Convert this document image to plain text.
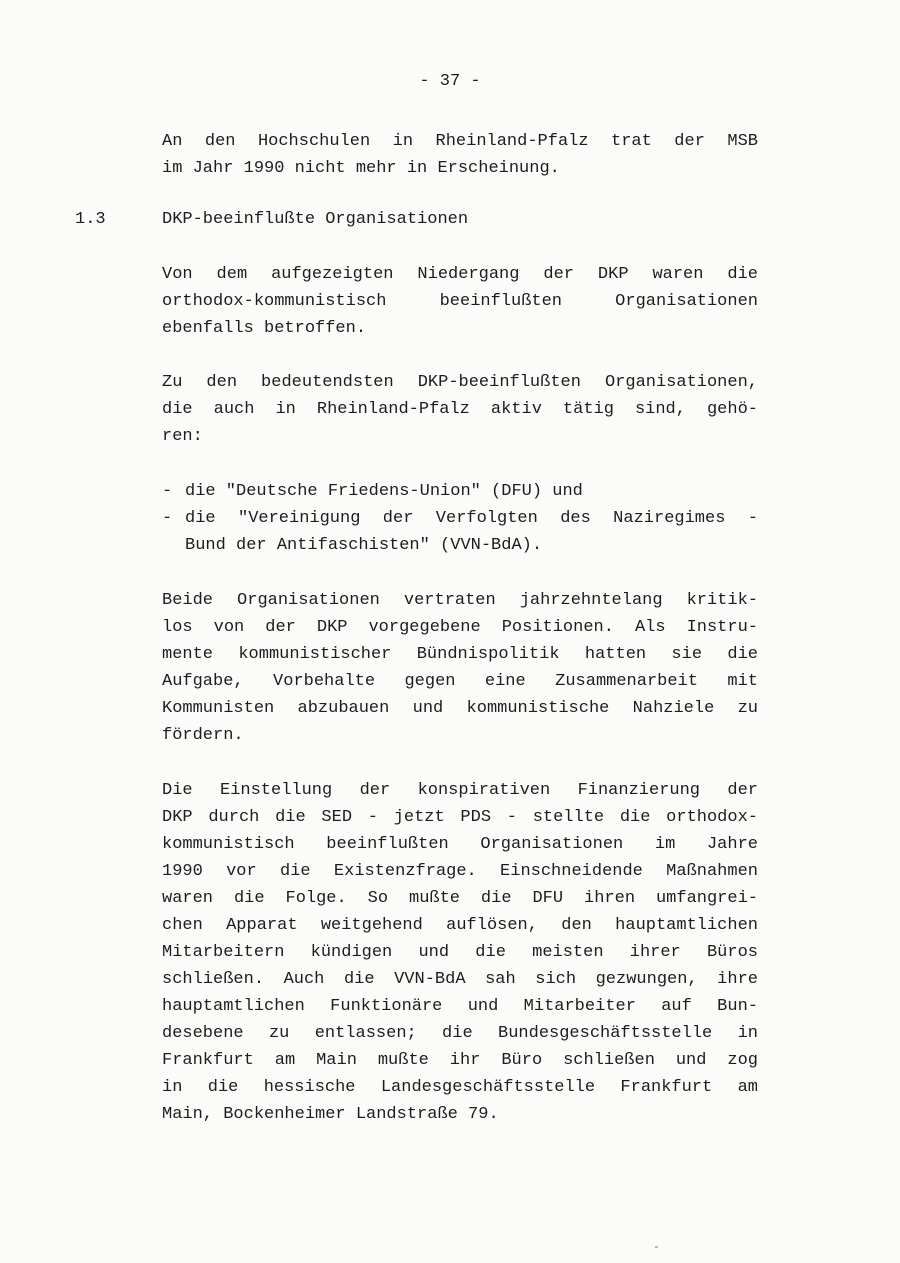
- 37 -
An den Hochschulen in Rheinland-Pfalz trat der MSB
im Jahr 1990 nicht mehr in Erscheinung.
1.3	DKP-beeinflußte Organisationen
Von dem aufgezeigten Niedergang der DKP waren die
orthodox-kommunistisch beeinflußten Organisationen
ebenfalls betroffen.
Zu den bedeutendsten DKP-beeinflußten Organisationen,
die auch in Rheinland-Pfalz aktiv tätig sind, gehö-
ren:
- die "Deutsche Friedens-Union" (DFU) und
- die "Vereinigung der Verfolgten des Naziregimes -
Bund der Antifaschisten" (VVN-BdA).
Beide Organisationen vertraten jahrzehntelang kritik-
los von der DKP vorgegebene Positionen. Als Instru-
mente kommunistischer Bündnispolitik hatten sie die
Aufgabe, Vorbehalte gegen eine Zusammenarbeit mit
Kommunisten abzubauen und kommunistische Nahziele zu
fördern.
Die Einstellung der konspirativen Finanzierung der
DKP durch die SED - jetzt PDS - stellte die orthodox-
kommunistisch beeinflußten Organisationen im Jahre
1990 vor die Existenzfrage. Einschneidende Maßnahmen
waren die Folge. So mußte die DFU ihren umfangrei-
chen Apparat weitgehend auflösen, den hauptamtlichen
Mitarbeitern kündigen und die meisten ihrer Büros
schließen. Auch die VVN-BdA sah sich gezwungen, ihre
hauptamtlichen Funktionäre und Mitarbeiter auf Bun-
desebene zu entlassen; die Bundesgeschäftsstelle in
Frankfurt am Main mußte ihr Büro schließen und zog
in die hessische Landesgeschäftsstelle Frankfurt am
Main, Bockenheimer Landstraße 79.
